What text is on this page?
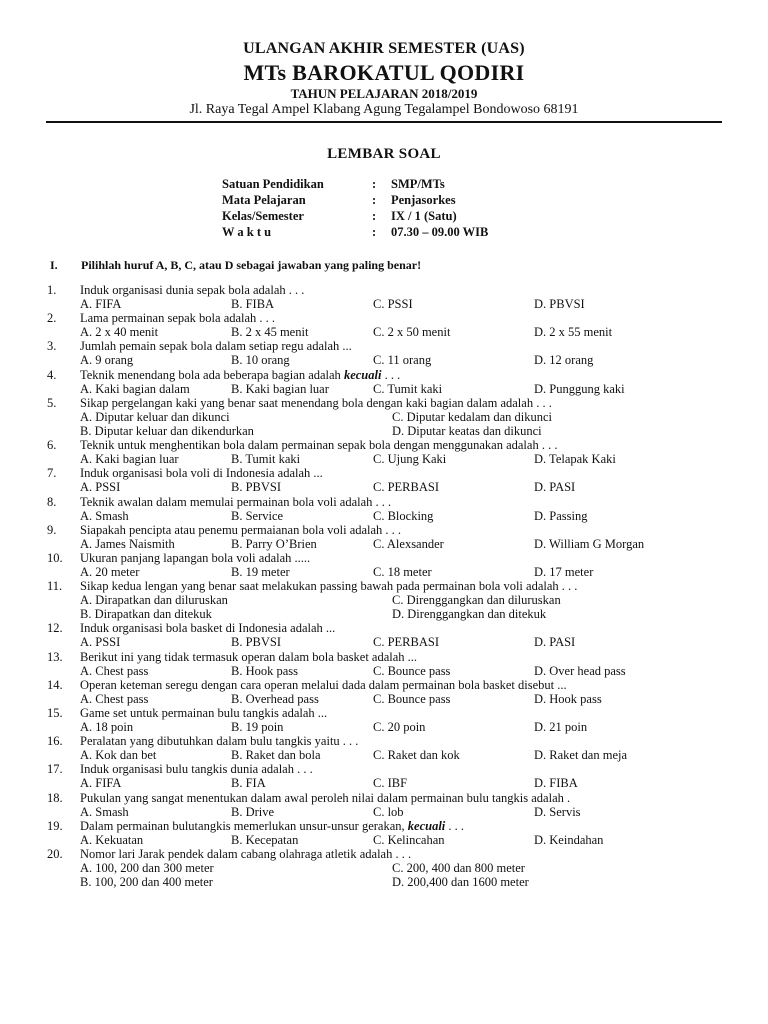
ULANGAN AKHIR SEMESTER (UAS)
MTs BAROKATUL QODIRI
TAHUN PELAJARAN 2018/2019
Jl. Raya Tegal Ampel Klabang Agung Tegalampel Bondowoso 68191
LEMBAR SOAL
Satuan Pendidikan	: SMP/MTs
Mata Pelajaran	: Penjasorkes
Kelas/Semester	: IX / 1 (Satu)
W a k t u	: 07.30 – 09.00 WIB
I. Pilihlah huruf A, B, C, atau D sebagai jawaban yang paling benar!
1. Induk organisasi dunia sepak bola adalah . . .
A. FIFA	B. FIBA	C. PSSI	D. PBVSI
2. Lama permainan sepak bola adalah . . .
A. 2 x 40 menit	B. 2 x 45 menit	C. 2 x 50 menit	D. 2 x 55 menit
3. Jumlah pemain sepak bola dalam setiap regu adalah ...
A. 9 orang	B. 10 orang	C. 11 orang	D. 12 orang
4. Teknik menendang bola ada beberapa bagian adalah kecuali . . .
A. Kaki bagian dalam	B. Kaki bagian luar	C. Tumit kaki	D. Punggung kaki
5. Sikap pergelangan kaki yang benar saat menendang bola dengan kaki bagian dalam adalah . . .
A. Diputar keluar dan dikunci	C. Diputar kedalam dan dikunci
B. Diputar keluar dan dikendurkan	D. Diputar keatas dan dikunci
6. Teknik untuk menghentikan bola dalam permainan sepak bola dengan menggunakan adalah . . .
A. Kaki bagian luar	B. Tumit kaki	C. Ujung Kaki	D. Telapak Kaki
7. Induk organisasi bola voli di Indonesia adalah ...
A. PSSI	B. PBVSI	C. PERBASI	D. PASI
8. Teknik awalan dalam memulai permainan bola voli adalah . . .
A. Smash	B. Service	C. Blocking	D. Passing
9. Siapakah pencipta atau penemu permaianan bola voli adalah . . .
A. James Naismith	B. Parry O’Brien	C. Alexsander	D. William G Morgan
10. Ukuran panjang lapangan bola voli adalah .....
A. 20 meter	B. 19 meter	C. 18 meter	D. 17 meter
11. Sikap kedua lengan yang benar saat melakukan passing bawah pada permainan bola voli adalah . . .
A. Dirapatkan dan diluruskan	C. Direnggangkan dan diluruskan
B. Dirapatkan dan ditekuk	D. Direnggangkan dan ditekuk
12. Induk organisasi bola basket di Indonesia adalah ...
A. PSSI	B. PBVSI	C. PERBASI	D. PASI
13. Berikut ini yang tidak termasuk operan dalam bola basket adalah ...
A. Chest pass	B. Hook pass	C. Bounce pass	D. Over head pass
14. Operan keteman seregu dengan cara operan melalui dada dalam permainan bola basket disebut ...
A. Chest pass	B. Overhead pass	C. Bounce pass	D. Hook pass
15. Game set untuk permainan bulu tangkis adalah ...
A. 18 poin	B. 19 poin	C. 20 poin	D. 21 poin
16. Peralatan yang dibutuhkan dalam bulu tangkis yaitu . . .
A. Kok dan bet	B. Raket dan bola	C. Raket dan kok	D. Raket dan meja
17. Induk organisasi bulu tangkis dunia adalah . . .
A. FIFA	B. FIA	C. IBF	D. FIBA
18. Pukulan yang sangat menentukan dalam awal peroleh nilai dalam permainan bulu tangkis adalah .
A. Smash	B. Drive	C. lob	D. Servis
19. Dalam permainan bulutangkis memerlukan unsur-unsur gerakan, kecuali . . .
A. Kekuatan	B. Kecepatan	C. Kelincahan	D. Keindahan
20. Nomor lari Jarak pendek dalam cabang olahraga atletik adalah . . .
A. 100, 200 dan 300 meter	C. 200, 400 dan 800 meter
B. 100, 200 dan 400 meter	D. 200,400 dan 1600 meter
